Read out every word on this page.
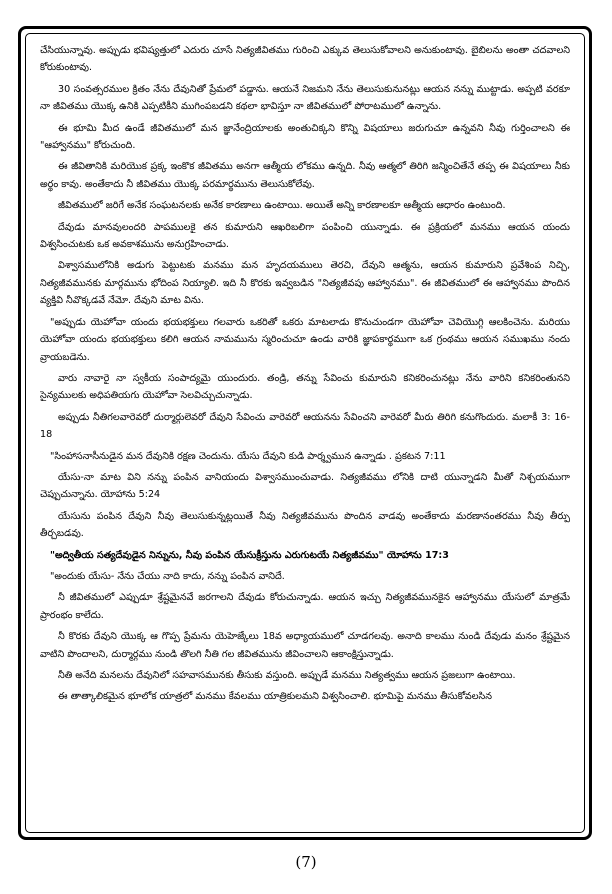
చేసియున్నావు. అప్పుడు భవిష్యత్తులో ఎదురు చూసే నిత్యజీవితము గురించి ఎక్కువ తెలుసుకోవాలని అనుకుంటావు. బైబిలను అంతా చదవాలని కోరుకుంటావు.

30 సంవత్సరముల క్రితం నేను దేవునితో ప్రేమలో పడ్డాను. ఆయనే నిజమని నేను తెలుసుకునునట్లు ఆయన నన్ను ముట్టాడు. అప్పటి వరకూ నా జీవితము యొక్క ఉనికి ఎప్పటికీని ముగింపబడని కథలా భావిస్తూ నా జీవితములో పోరాటములో ఉన్నాను.

ఈ భూమి మీద ఉండే జీవితములో మన జ్ఞానేంద్రియాలకు అంతుచిక్కని కొన్ని విషయాలు జరుగుచూ ఉన్నవని నీవు గుర్తించాలని ఈ "ఆహ్వానము" కోరుచుంది.

ఈ జీవితానికి మరియొక ప్రక్క ఇంకొక జీవితము అనగా ఆత్మీయ లోకము ఉన్నది. నీవు ఆత్మలో తిరిగి జన్మించితేనే తప్ప ఈ విషయాలు నీకు అర్థం కావు. అంతేకాదు నీ జీవితము యొక్క పరమార్థమును తెలుసుకోలేవు.

జీవితములో జరిగే అనేక సంఘటనలకు అనేక కారణాలు ఉంటాయి. అయితే అన్ని కారణాలకూ ఆత్మీయ ఆధారం ఉంటుంది.

దేవుడు మానవులందరి పాపములకై తన కుమారుని ఆఖరిబలిగా పంపించి యున్నాడు. ఈ ప్రక్రియలో మనము ఆయన యందు విశ్వసించుటకు ఒక అవకాశమును అనుగ్రహించాడు.

విశ్వాసములోనికి అడుగు పెట్టుటకు మనము మన హృదయములు తెరచి, దేవుని ఆత్మను, ఆయన కుమారుని ప్రవేశింప నిచ్చి, నిత్యజీవమునకు మార్గమును భోదింప నియ్యాలి. ఇది నీ కొరకు ఇవ్వబడిన "నిత్యజీవపు ఆహ్వానము". ఈ జీవితములో ఈ ఆహ్వానము పొందిన వ్యక్తివి నీవొక్కడవే నేమో. దేవుని మాట విను.

"అప్పుడు యెహోవా యందు భయభక్తులు గలవారు ఒకరితో ఒకరు మాటలాడు కొనుచుండగా యెహోవా చెవియొగ్గి ఆలకించెను. మరియు యెహోవా యందు భయభక్తులు కలిగి ఆయన నామమును స్మరించుచూ ఉండు వారికి జ్ఞాపకార్థముగా ఒక గ్రంథము ఆయన సముఖము నందు వ్రాయబడెను.

వారు నావారై నా స్వకీయ సంపాద్యమై యుందురు. తండ్రి, తన్ను సేవించు కుమారుని కనికరించునట్లు నేను వారిని కనికరింతునని సైన్యములకు అధిపతియగు యెహోవా సెలవిచ్చుచున్నాడు.

అప్పుడు నీతిగలవారెవరో దుర్మార్గులెవరో దేవుని సేవించు వారెవరో ఆయనను సేవించని వారెవరో మీరు తిరిగి కనుగొందురు. మలాకీ 3: 16-18

"సింహాసనాసీనుడైన మన దేవునికి రక్షణ చెందును. యేసు దేవుని కుడి పార్శ్వమున ఉన్నాడు . ప్రకటన 7:11

యేసు-నా మాట విని నన్ను పంపిన వానియందు విశ్వాసముంచువాడు. నిత్యజీవము లోనికి దాటి యున్నాడని మీతో నిశ్చయముగా చెప్పుచున్నాను. యోహాను 5:24

యేసును పంపిన దేవుని నీవు తెలుసుకున్నట్లయితే నీవు నిత్యజీవమును పొందిన వాడవు అంతేకాదు మరణానంతరము నీవు తీర్పు తీర్చబడవు.

"అద్వితీయ సత్యదేవుడైన నిన్నును, నీవు పంపిన యేసుక్రీస్తును ఎరుగుటయే నిత్యజీవము" యోహాను 17:3

"అందుకు యేసు- నేను చేయు నాది కాదు, నన్ను పంపిన వానిదే.

నీ జీవితములో ఎప్పుడూ శ్రేష్టమైనవే జరగాలని దేవుడు కోరుచున్నాడు. ఆయన ఇచ్చు నిత్యజీవమునకైన ఆహ్వానము యేసులో మాత్రమే ప్రారంభం కాలేదు.

నీ కొరకు దేవుని యొక్క ఆ గొప్ప ప్రేమను యెహెజ్కేలు 18వ అధ్యాయములో చూడగలవు. అనాది కాలము నుండి దేవుడు మనం శ్రేష్టమైన వాటిని పొందాలని, దుర్మార్గము నుండి తొలగి నీతి గల జీవితమును జీవించాలని ఆకాంక్షిస్తున్నాడు.

నీతి అనేది మనలను దేవునిలో సహవాసమునకు తీసుకు వస్తుంది. అప్పుడే మనము నిత్యత్వము ఆయన ప్రజలుగా ఉంటాయి.

ఈ తాత్కాలికమైన భూలోక యాత్రలో మనము కేవలము యాత్రికులమని విశ్వసించాలి. భూమిపై మనము తీసుకోవలసిన

(7)
